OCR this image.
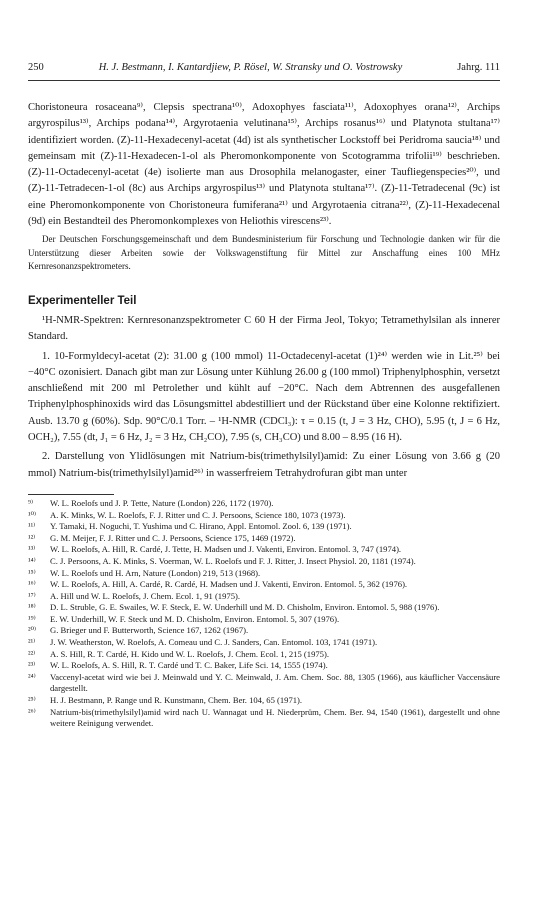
250	H. J. Bestmann, I. Kantardjiew, P. Rösel, W. Stransky und O. Vostrowsky	Jahrg. 111

Choristoneura rosaceana⁹⁾, Clepsis spectrana¹⁰⁾, Adoxophyes fasciata¹¹⁾, Adoxophyes orana¹²⁾, Archips argyrospilus¹³⁾, Archips podana¹⁴⁾, Argyrotaenia velutinana¹⁵⁾, Archips rosanus¹⁶⁾ und Platynota stultana¹⁷⁾ identifiziert worden. (Z)-11-Hexadecenyl-acetat (4d) ist als synthetischer Lockstoff bei Peridroma saucia¹⁸⁾ und gemeinsam mit (Z)-11-Hexadecen-1-ol als Pheromonkomponente von Scotogramma trifolii¹⁹⁾ beschrieben. (Z)-11-Octadecenyl-acetat (4e) isolierte man aus Drosophila melanogaster, einer Taufliegenspecies²⁰⁾, und (Z)-11-Tetradecen-1-ol (8c) aus Archips argyrospilus¹³⁾ und Platynota stultana¹⁷⁾. (Z)-11-Tetradecenal (9c) ist eine Pheromonkomponente von Choristoneura fumiferana²¹⁾ und Argyrotaenia citrana²²⁾, (Z)-11-Hexadecenal (9d) ein Bestandteil des Pheromonkomplexes von Heliothis virescens²³⁾.

Der Deutschen Forschungsgemeinschaft und dem Bundesministerium für Forschung und Technologie danken wir für die Unterstützung dieser Arbeiten sowie der Volkswagenstiftung für Mittel zur Anschaffung eines 100 MHz Kernresonanzspektrometers.

Experimenteller Teil

¹H-NMR-Spektren: Kernresonanzspektrometer C 60 H der Firma Jeol, Tokyo; Tetramethylsilan als innerer Standard.

1. 10-Formyldecyl-acetat (2): 31.00 g (100 mmol) 11-Octadecenyl-acetat (1)²⁴⁾ werden wie in Lit.²⁵⁾ bei −40°C ozonisiert. Danach gibt man zur Lösung unter Kühlung 26.00 g (100 mmol) Triphenylphosphin, versetzt anschließend mit 200 ml Petrolether und kühlt auf −20°C. Nach dem Abtrennen des ausgefallenen Triphenylphosphinoxids wird das Lösungsmittel abdestilliert und der Rückstand über eine Kolonne rektifiziert. Ausb. 13.70 g (60%). Sdp. 90°C/0.1 Torr. – ¹H-NMR (CDCl₃): τ = 0.15 (t, J = 3 Hz, CHO), 5.95 (t, J = 6 Hz, OCH₂), 7.55 (dt, J₁ = 6 Hz, J₂ = 3 Hz, CH₂CO), 7.95 (s, CH₃CO) und 8.00 – 8.95 (16 H).

2. Darstellung von Ylidlösungen mit Natrium-bis(trimethylsilyl)amid: Zu einer Lösung von 3.66 g (20 mmol) Natrium-bis(trimethylsilyl)amid²⁶⁾ in wasserfreiem Tetrahydrofuran gibt man unter

⁹⁾	W. L. Roelofs und J. P. Tette, Nature (London) 226, 1172 (1970).
¹⁰⁾	A. K. Minks, W. L. Roelofs, F. J. Ritter und C. J. Persoons, Science 180, 1073 (1973).
¹¹⁾	Y. Tamaki, H. Noguchi, T. Yushima und C. Hirano, Appl. Entomol. Zool. 6, 139 (1971).
¹²⁾	G. M. Meijer, F. J. Ritter und C. J. Persoons, Science 175, 1469 (1972).
¹³⁾	W. L. Roelofs, A. Hill, R. Cardé, J. Tette, H. Madsen und J. Vakenti, Environ. Entomol. 3, 747 (1974).
¹⁴⁾	C. J. Persoons, A. K. Minks, S. Voerman, W. L. Roelofs und F. J. Ritter, J. Insect Physiol. 20, 1181 (1974).
¹⁵⁾	W. L. Roelofs und H. Arn, Nature (London) 219, 513 (1968).
¹⁶⁾	W. L. Roelofs, A. Hill, A. Cardé, R. Cardé, H. Madsen und J. Vakenti, Environ. Entomol. 5, 362 (1976).
¹⁷⁾	A. Hill und W. L. Roelofs, J. Chem. Ecol. 1, 91 (1975).
¹⁸⁾	D. L. Struble, G. E. Swailes, W. F. Steck, E. W. Underhill und M. D. Chisholm, Environ. Entomol. 5, 988 (1976).
¹⁹⁾	E. W. Underhill, W. F. Steck und M. D. Chisholm, Environ. Entomol. 5, 307 (1976).
²⁰⁾	G. Brieger und F. Butterworth, Science 167, 1262 (1967).
²¹⁾	J. W. Weatherston, W. Roelofs, A. Comeau und C. J. Sanders, Can. Entomol. 103, 1741 (1971).
²²⁾	A. S. Hill, R. T. Cardé, H. Kido und W. L. Roelofs, J. Chem. Ecol. 1, 215 (1975).
²³⁾	W. L. Roelofs, A. S. Hill, R. T. Cardé und T. C. Baker, Life Sci. 14, 1555 (1974).
²⁴⁾	Vaccenyl-acetat wird wie bei J. Meinwald und Y. C. Meinwald, J. Am. Chem. Soc. 88, 1305 (1966), aus käuflicher Vaccensäure dargestellt.
²⁵⁾	H. J. Bestmann, P. Range und R. Kunstmann, Chem. Ber. 104, 65 (1971).
²⁶⁾	Natrium-bis(trimethylsilyl)amid wird nach U. Wannagat und H. Niederprüm, Chem. Ber. 94, 1540 (1961), dargestellt und ohne weitere Reinigung verwendet.
